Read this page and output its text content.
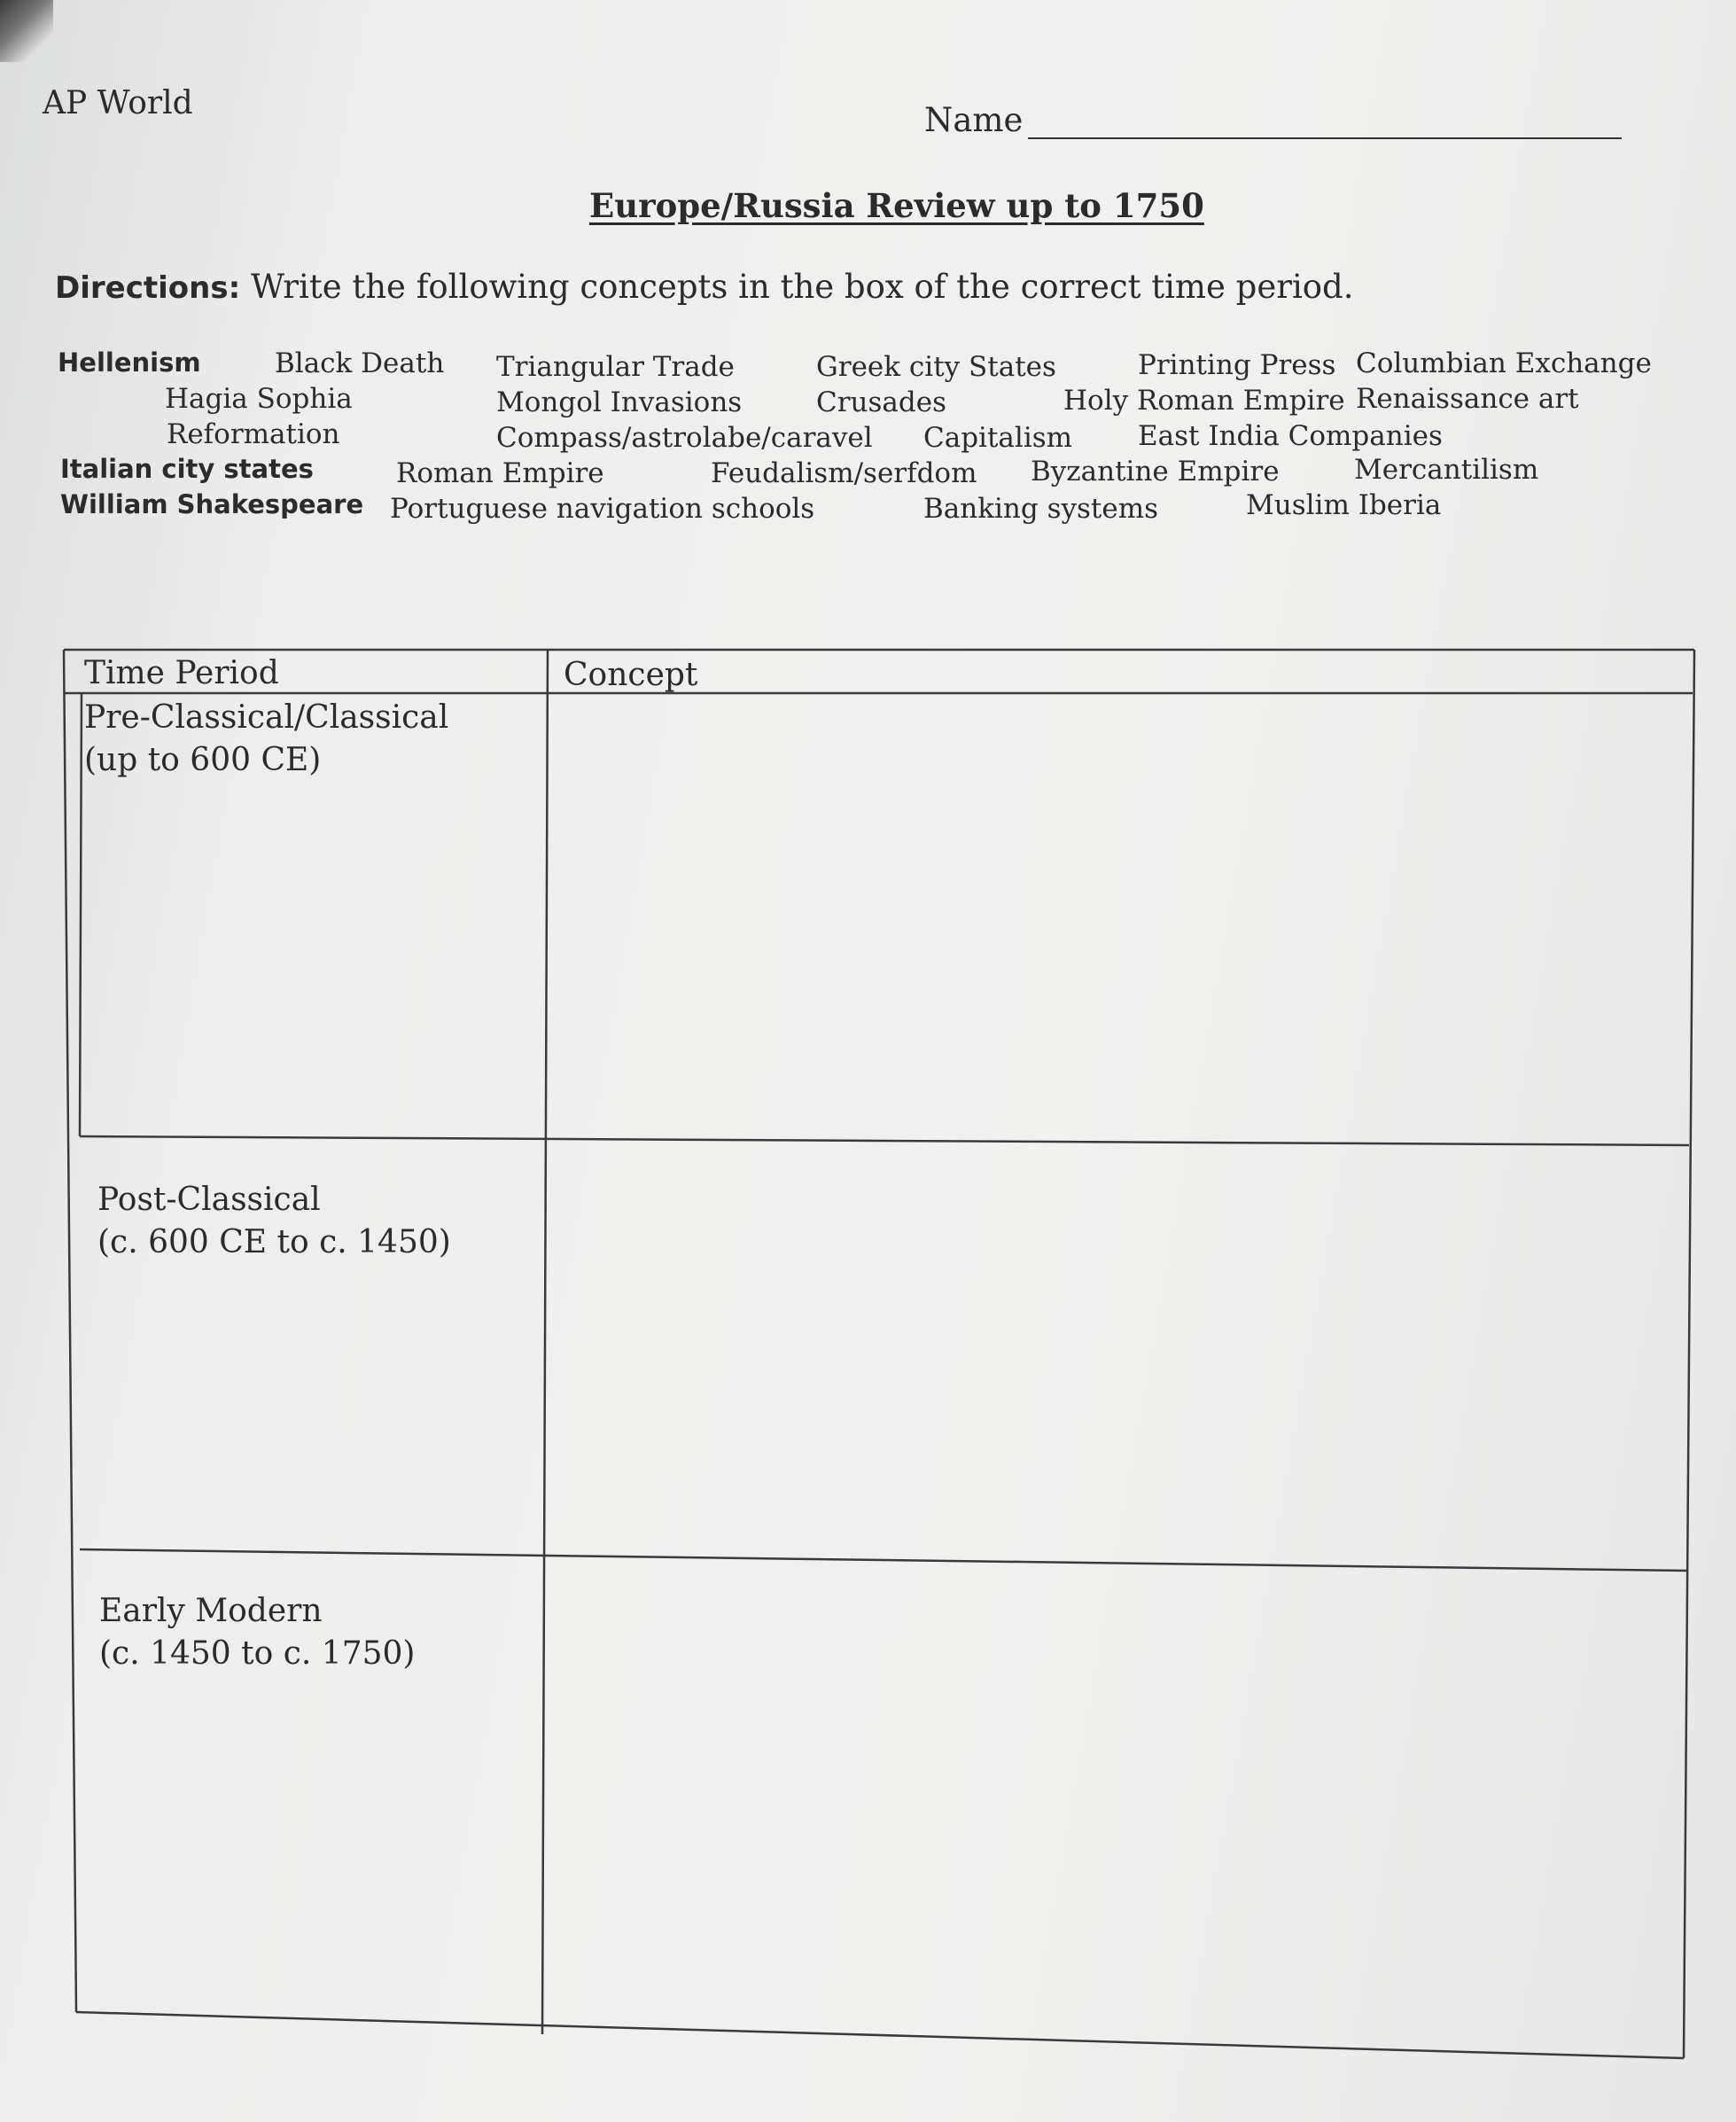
AP World	Name
Europe/Russia Review up to 1750
Directions: Write the following concepts in the box of the correct time period.
Hellenism	Black Death Triangular Trade	Greek city States	Printing Press Columbian Exchange
Hagia Sophia	Mongol Invasions	Crusades	Holy Roman Empire Renaissance art
Reformation	Compass/astrolabe/caravel Capitalism East India Companies
Italian city states	Roman Empire	Feudalism/serfdom Byzantine Empire	Mercantilism
William Shakespeare Portuguese navigation schools	Banking systems	Muslim Iberia
Time Period	Concept
Pre-Classical/Classical
(up to 600 CE)
Post-Classical
(c. 600 CE to c. 1450)
Early Modern
(c. 1450 to c. 1750)
